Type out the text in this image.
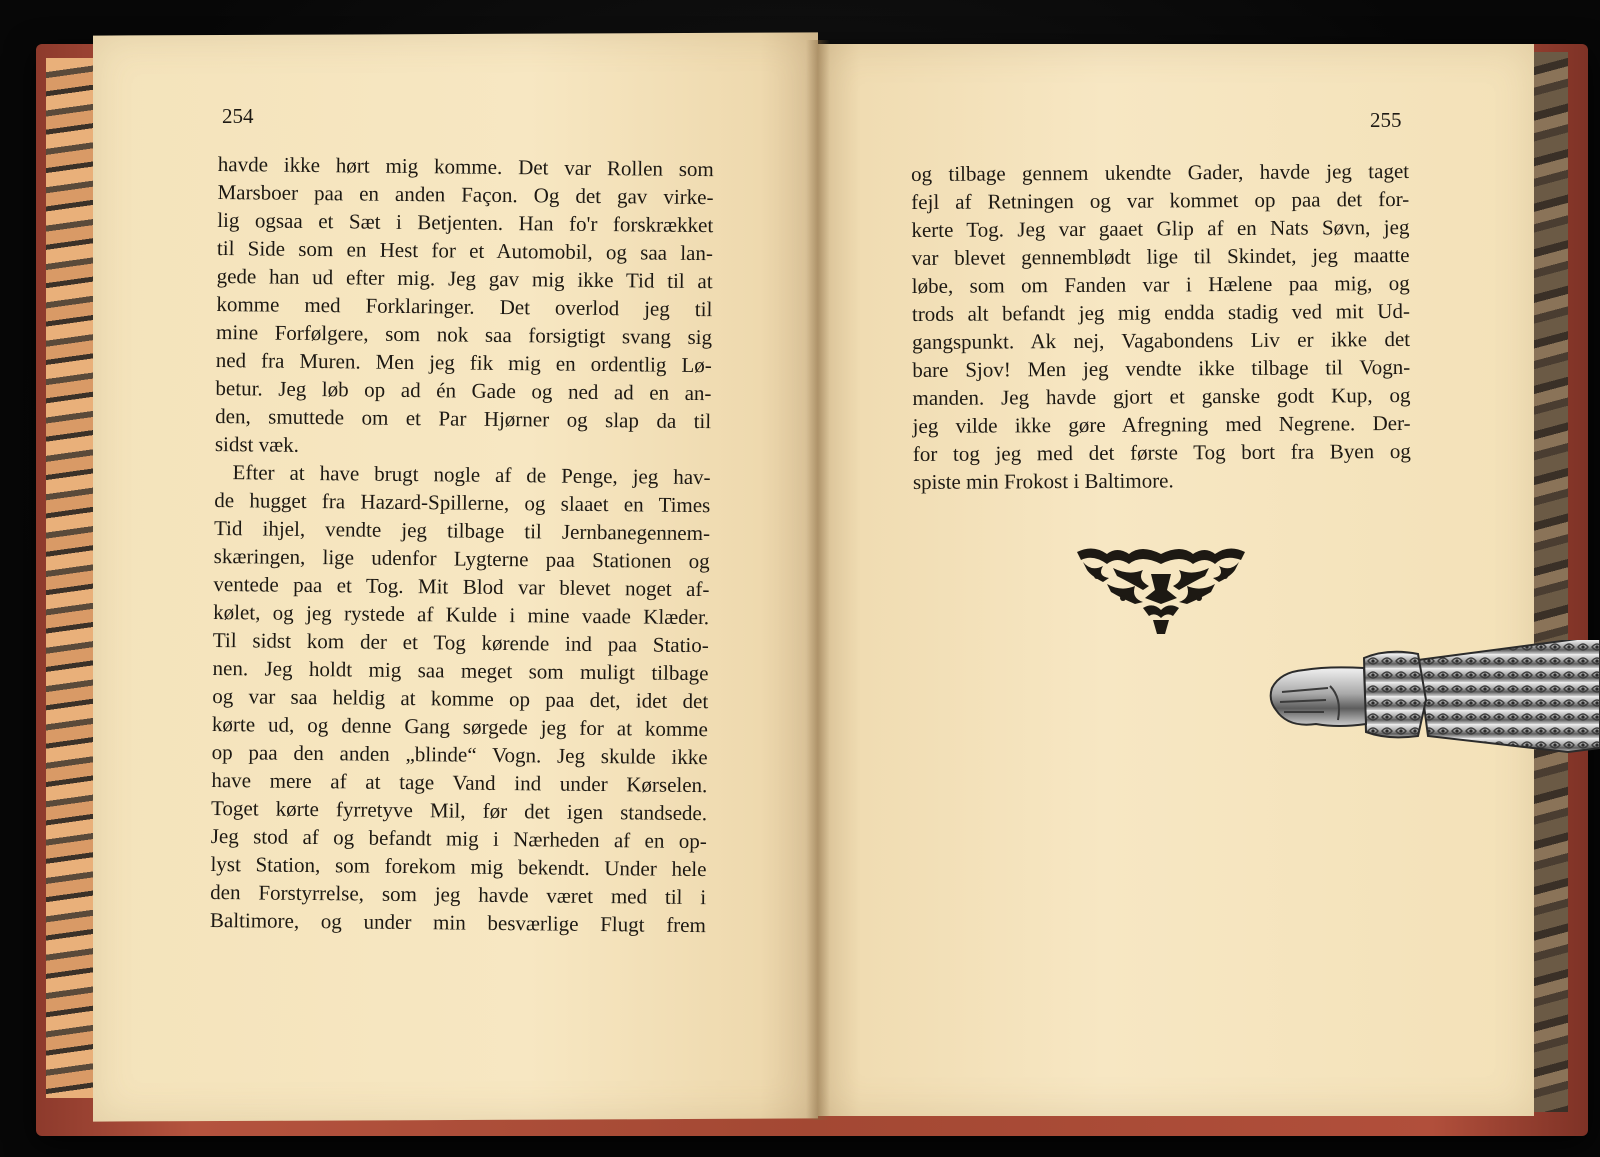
254	255
havde ikke hørt mig komme. Det var Rollen som
Marsboer paa en anden Façon. Og det gav virke-
lig ogsaa et Sæt i Betjenten. Han fo'r forskrækket
til Side som en Hest for et Automobil, og saa lan-
gede han ud efter mig. Jeg gav mig ikke Tid til at
komme med Forklaringer. Det overlod jeg til
mine Forfølgere, som nok saa forsigtigt svang sig
ned fra Muren. Men jeg fik mig en ordentlig Lø-
betur. Jeg løb op ad én Gade og ned ad en an-
den, smuttede om et Par Hjørner og slap da til
sidst væk.
Efter at have brugt nogle af de Penge, jeg hav-
de hugget fra Hazard-Spillerne, og slaaet en Times
Tid ihjel, vendte jeg tilbage til Jernbanegennem-
skæringen, lige udenfor Lygterne paa Stationen og
ventede paa et Tog. Mit Blod var blevet noget af-
kølet, og jeg rystede af Kulde i mine vaade Klæder.
Til sidst kom der et Tog kørende ind paa Statio-
nen. Jeg holdt mig saa meget som muligt tilbage
og var saa heldig at komme op paa det, idet det
kørte ud, og denne Gang sørgede jeg for at komme
op paa den anden „blinde“ Vogn. Jeg skulde ikke
have mere af at tage Vand ind under Kørselen.
Toget kørte fyrretyve Mil, før det igen standsede.
Jeg stod af og befandt mig i Nærheden af en op-
lyst Station, som forekom mig bekendt. Under hele
den Forstyrrelse, som jeg havde været med til i
Baltimore, og under min besværlige Flugt frem
og tilbage gennem ukendte Gader, havde jeg taget
fejl af Retningen og var kommet op paa det for-
kerte Tog. Jeg var gaaet Glip af en Nats Søvn, jeg
var blevet gennemblødt lige til Skindet, jeg maatte
løbe, som om Fanden var i Hælene paa mig, og
trods alt befandt jeg mig endda stadig ved mit Ud-
gangspunkt. Ak nej, Vagabondens Liv er ikke det
bare Sjov! Men jeg vendte ikke tilbage til Vogn-
manden. Jeg havde gjort et ganske godt Kup, og
jeg vilde ikke gøre Afregning med Negrene. Der-
for tog jeg med det første Tog bort fra Byen og
spiste min Frokost i Baltimore.
